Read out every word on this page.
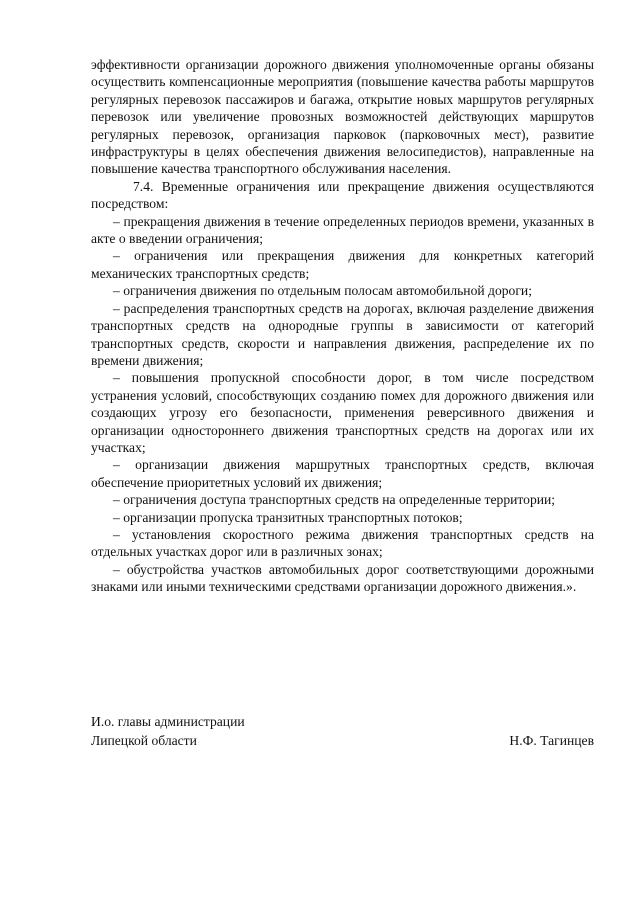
эффективности организации дорожного движения уполномоченные органы обязаны осуществить компенсационные мероприятия (повышение качества работы маршрутов регулярных перевозок пассажиров и багажа, открытие новых маршрутов регулярных перевозок или увеличение провозных возможностей действующих маршрутов регулярных перевозок, организация парковок (парковочных мест), развитие инфраструктуры в целях обеспечения движения велосипедистов), направленные на повышение качества транспортного обслуживания населения.

7.4. Временные ограничения или прекращение движения осуществляются посредством:

– прекращения движения в течение определенных периодов времени, указанных в акте о введении ограничения;

– ограничения или прекращения движения для конкретных категорий механических транспортных средств;

– ограничения движения по отдельным полосам автомобильной дороги;

– распределения транспортных средств на дорогах, включая разделение движения транспортных средств на однородные группы в зависимости от категорий транспортных средств, скорости и направления движения, распределение их по времени движения;

– повышения пропускной способности дорог, в том числе посредством устранения условий, способствующих созданию помех для дорожного движения или создающих угрозу его безопасности, применения реверсивного движения и организации одностороннего движения транспортных средств на дорогах или их участках;

– организации движения маршрутных транспортных средств, включая обеспечение приоритетных условий их движения;

– ограничения доступа транспортных средств на определенные территории;

– организации пропуска транзитных транспортных потоков;

– установления скоростного режима движения транспортных средств на отдельных участках дорог или в различных зонах;

– обустройства участков автомобильных дорог соответствующими дорожными знаками или иными техническими средствами организации дорожного движения.».

И.о. главы администрации
Липецкой области	Н.Ф. Тагинцев
